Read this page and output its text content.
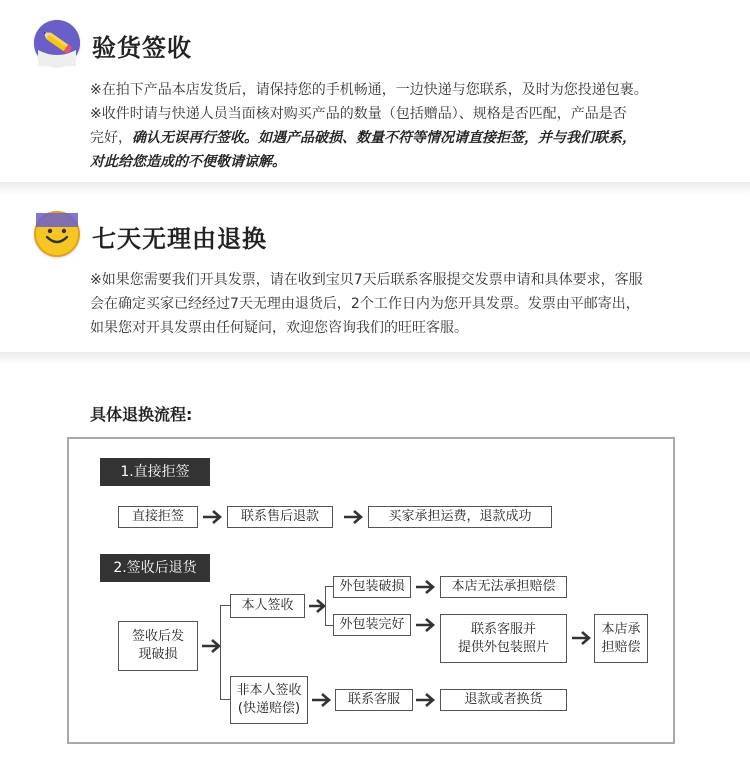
验货签收
※在拍下产品本店发货后，请保持您的手机畅通，一边快递与您联系，及时为您投递包裹。
※收件时请与快递人员当面核对购买产品的数量（包括赠品）、规格是否匹配，产品是否
完好，确认无误再行签收。如遇产品破损、数量不符等情况请直接拒签，并与我们联系，
对此给您造成的不便敬请谅解。
七天无理由退换
※如果您需要我们开具发票，请在收到宝贝7天后联系客服提交发票申请和具体要求，客服
会在确定买家已经经过7天无理由退货后，2个工作日内为您开具发票。发票由平邮寄出，
如果您对开具发票由任何疑问，欢迎您咨询我们的旺旺客服。
具体退换流程:
1.直接拒签
直接拒签	联系售后退款	买家承担运费，退款成功
2.签收后退货
签收后发
现破损
本人签收
外包装破损	本店无法承担赔偿
外包装完好	联系客服并
提供外包装照片
本店承
担赔偿
非本人签收
(快递赔偿)
联系客服	退款或者换货
